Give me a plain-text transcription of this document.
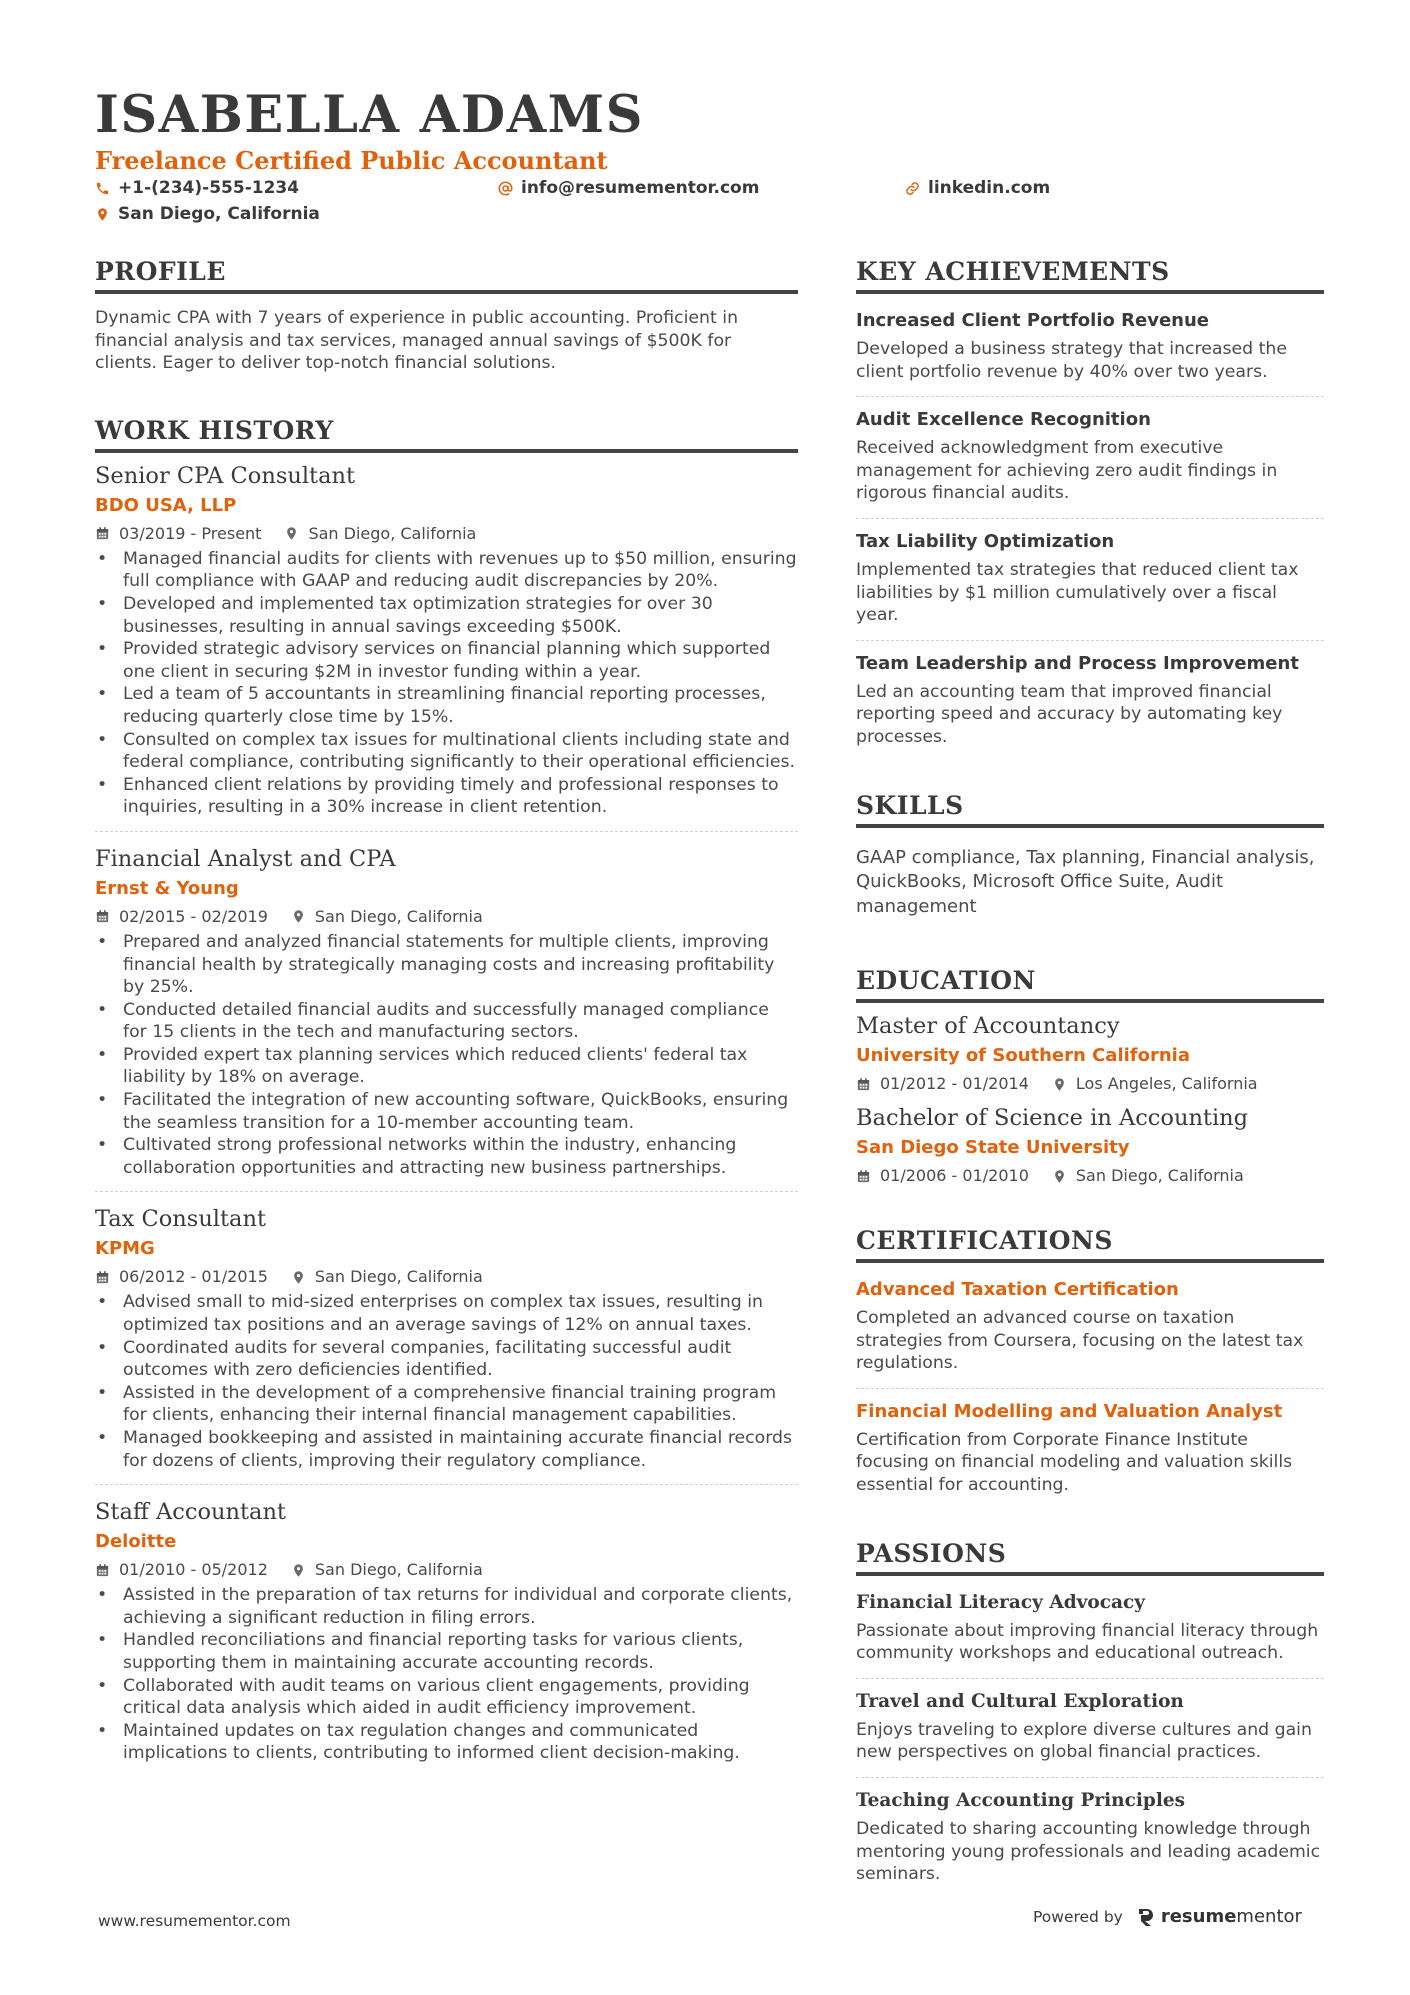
ISABELLA ADAMS
Freelance Certified Public Accountant
+1-(234)-555-1234	info@resumementor.com	linkedin.com
San Diego, California
PROFILE
Dynamic CPA with 7 years of experience in public accounting. Proficient in financial analysis and tax services, managed annual savings of $500K for clients. Eager to deliver top-notch financial solutions.
WORK HISTORY
Senior CPA Consultant
BDO USA, LLP
03/2019 - Present	San Diego, California
• Managed financial audits for clients with revenues up to $50 million, ensuring full compliance with GAAP and reducing audit discrepancies by 20%.
• Developed and implemented tax optimization strategies for over 30 businesses, resulting in annual savings exceeding $500K.
• Provided strategic advisory services on financial planning which supported one client in securing $2M in investor funding within a year.
• Led a team of 5 accountants in streamlining financial reporting processes, reducing quarterly close time by 15%.
• Consulted on complex tax issues for multinational clients including state and federal compliance, contributing significantly to their operational efficiencies.
• Enhanced client relations by providing timely and professional responses to inquiries, resulting in a 30% increase in client retention.
Financial Analyst and CPA
Ernst & Young
02/2015 - 02/2019	San Diego, California
• Prepared and analyzed financial statements for multiple clients, improving financial health by strategically managing costs and increasing profitability by 25%.
• Conducted detailed financial audits and successfully managed compliance for 15 clients in the tech and manufacturing sectors.
• Provided expert tax planning services which reduced clients' federal tax liability by 18% on average.
• Facilitated the integration of new accounting software, QuickBooks, ensuring the seamless transition for a 10-member accounting team.
• Cultivated strong professional networks within the industry, enhancing collaboration opportunities and attracting new business partnerships.
Tax Consultant
KPMG
06/2012 - 01/2015	San Diego, California
• Advised small to mid-sized enterprises on complex tax issues, resulting in optimized tax positions and an average savings of 12% on annual taxes.
• Coordinated audits for several companies, facilitating successful audit outcomes with zero deficiencies identified.
• Assisted in the development of a comprehensive financial training program for clients, enhancing their internal financial management capabilities.
• Managed bookkeeping and assisted in maintaining accurate financial records for dozens of clients, improving their regulatory compliance.
Staff Accountant
Deloitte
01/2010 - 05/2012	San Diego, California
• Assisted in the preparation of tax returns for individual and corporate clients, achieving a significant reduction in filing errors.
• Handled reconciliations and financial reporting tasks for various clients, supporting them in maintaining accurate accounting records.
• Collaborated with audit teams on various client engagements, providing critical data analysis which aided in audit efficiency improvement.
• Maintained updates on tax regulation changes and communicated implications to clients, contributing to informed client decision-making.
KEY ACHIEVEMENTS
Increased Client Portfolio Revenue
Developed a business strategy that increased the client portfolio revenue by 40% over two years.
Audit Excellence Recognition
Received acknowledgment from executive management for achieving zero audit findings in rigorous financial audits.
Tax Liability Optimization
Implemented tax strategies that reduced client tax liabilities by $1 million cumulatively over a fiscal year.
Team Leadership and Process Improvement
Led an accounting team that improved financial reporting speed and accuracy by automating key processes.
SKILLS
GAAP compliance, Tax planning, Financial analysis, QuickBooks, Microsoft Office Suite, Audit management
EDUCATION
Master of Accountancy
University of Southern California
01/2012 - 01/2014	Los Angeles, California
Bachelor of Science in Accounting
San Diego State University
01/2006 - 01/2010	San Diego, California
CERTIFICATIONS
Advanced Taxation Certification
Completed an advanced course on taxation strategies from Coursera, focusing on the latest tax regulations.
Financial Modelling and Valuation Analyst
Certification from Corporate Finance Institute focusing on financial modeling and valuation skills essential for accounting.
PASSIONS
Financial Literacy Advocacy
Passionate about improving financial literacy through community workshops and educational outreach.
Travel and Cultural Exploration
Enjoys traveling to explore diverse cultures and gain new perspectives on global financial practices.
Teaching Accounting Principles
Dedicated to sharing accounting knowledge through mentoring young professionals and leading academic seminars.
www.resumementor.com	Powered by resumementor
